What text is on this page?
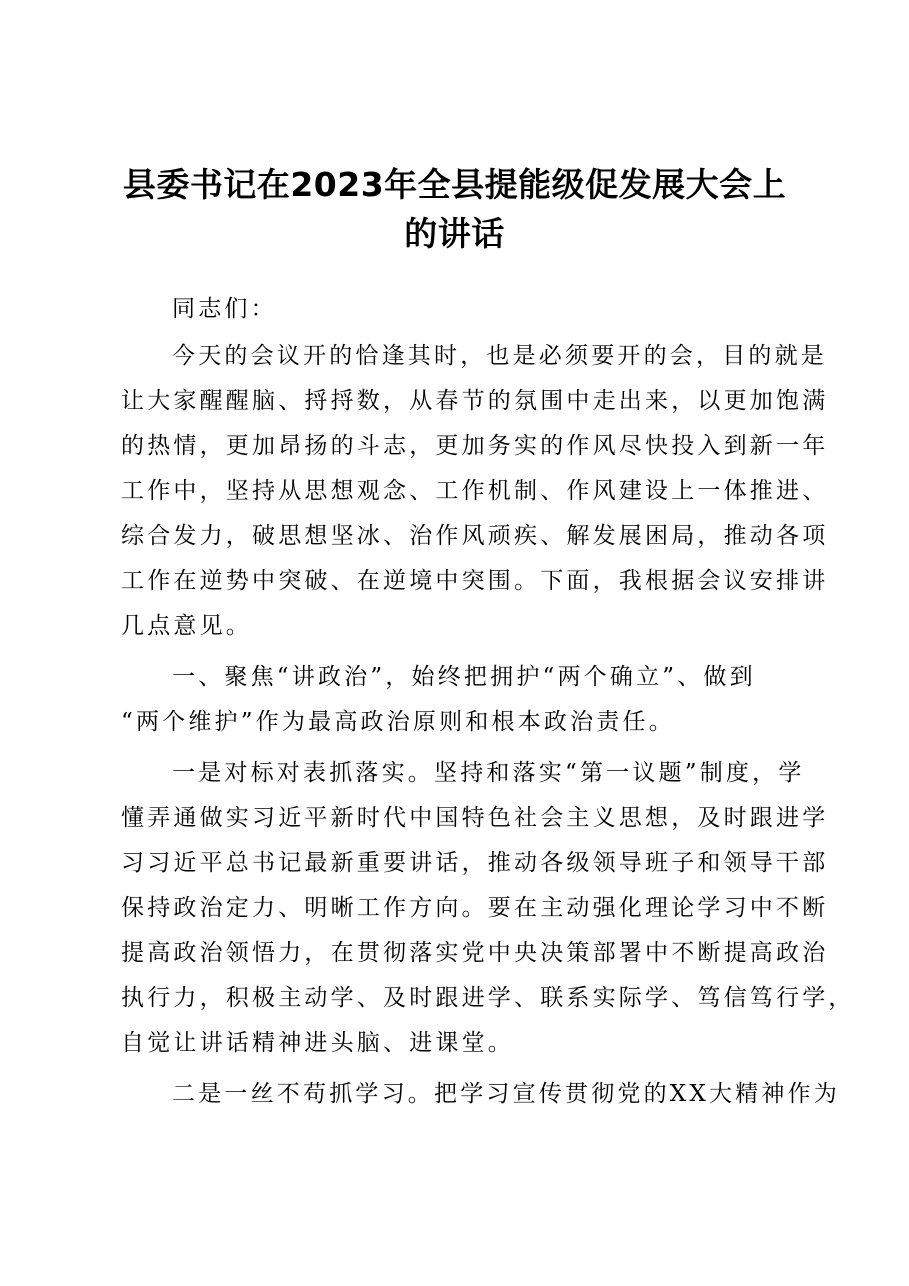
县委书记在2023年全县提能级促发展大会上
的讲话
同志们：
今天的会议开的恰逢其时，也是必须要开的会，目的就是
让大家醒醒脑、捋捋数，从春节的氛围中走出来，以更加饱满
的热情，更加昂扬的斗志，更加务实的作风尽快投入到新一年
工作中，坚持从思想观念、工作机制、作风建设上一体推进、
综合发力，破思想坚冰、治作风顽疾、解发展困局，推动各项
工作在逆势中突破、在逆境中突围。下面，我根据会议安排讲
几点意见。
一、聚焦“讲政治”，始终把拥护“两个确立”、做到
“两个维护”作为最高政治原则和根本政治责任。
一是对标对表抓落实。坚持和落实“第一议题”制度，学
懂弄通做实习近平新时代中国特色社会主义思想，及时跟进学
习习近平总书记最新重要讲话，推动各级领导班子和领导干部
保持政治定力、明晰工作方向。要在主动强化理论学习中不断
提高政治领悟力，在贯彻落实党中央决策部署中不断提高政治
执行力，积极主动学、及时跟进学、联系实际学、笃信笃行学，
自觉让讲话精神进头脑、进课堂。
二是一丝不苟抓学习。把学习宣传贯彻党的XX大精神作为
